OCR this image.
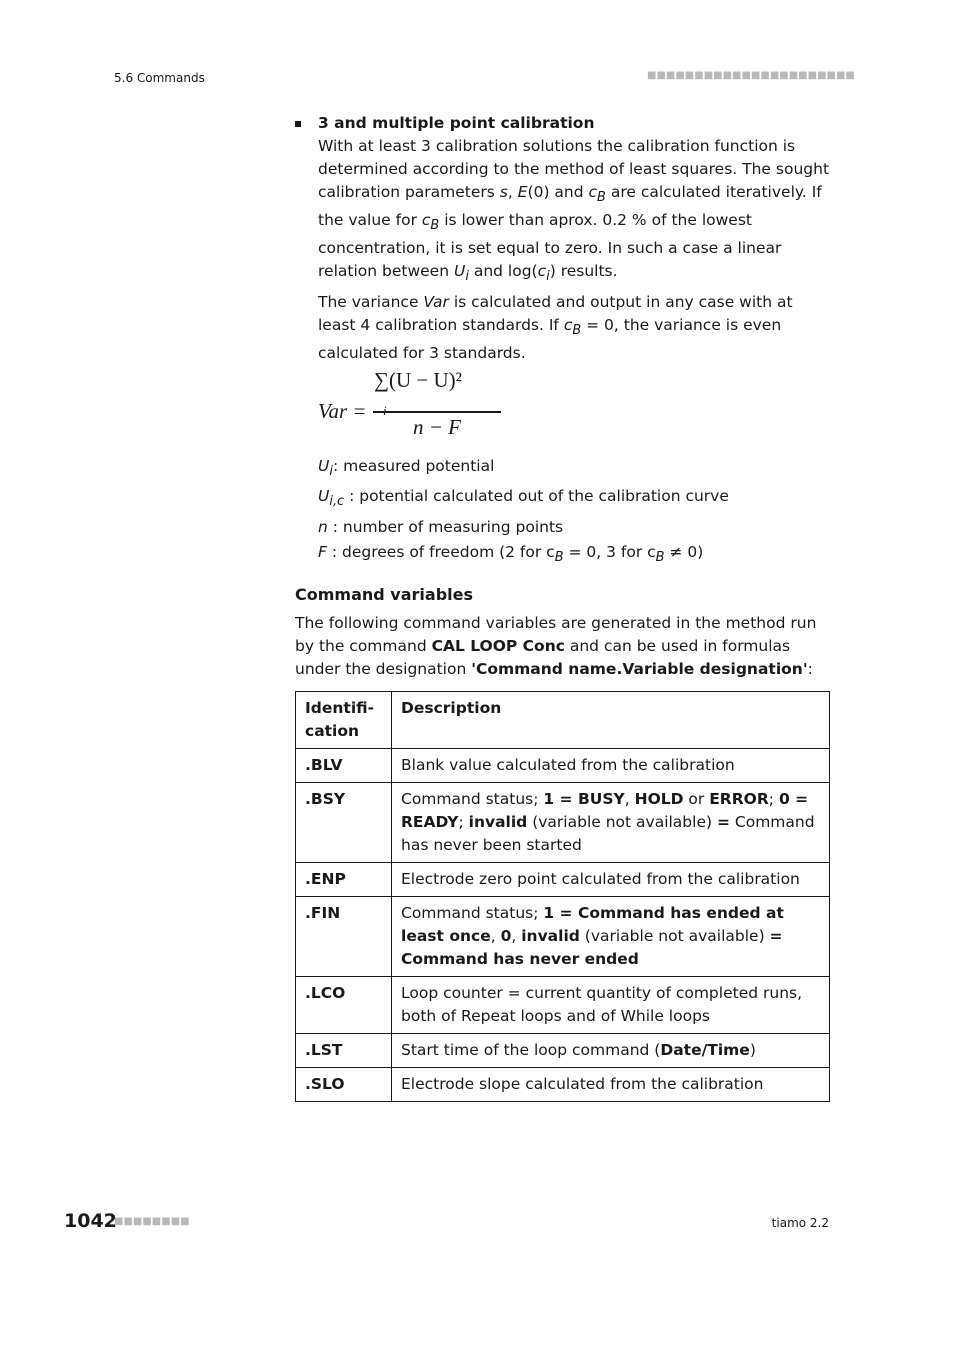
5.6 Commands	■■■■■■■■■■■■■■■■■■■■■■
3 and multiple point calibration

With at least 3 calibration solutions the calibration function is determined according to the method of least squares. The sought calibration parameters s, E(0) and $c_B$ are calculated iteratively. If the value for $c_B$ is lower than aprox. 0.2 % of the lowest concentration, it is set equal to zero. In such a case a linear relation between $U_i$ and $\log(c_i)$ results.

The variance Var is calculated and output in any case with at least 4 calibration standards. If $c_B = 0$, the variance is even calculated for 3 standards.

Var =
∑(U − U)²
n − F

$U_i$: measured potential

$U_{i,c}$ : potential calculated out of the calibration curve

n : number of measuring points

F : degrees of freedom (2 for $c_B = 0$, 3 for $c_B \ne 0$)

Command variables

The following command variables are generated in the method run by the command CAL LOOP Conc and can be used in formulas under the designation 'Command name.Variable designation':

Identification	Description
.BLV	Blank value calculated from the calibration
.BSY	Command status; 1 = BUSY, HOLD or ERROR; 0 = READY; invalid (variable not available) = Command has never been started
.ENP	Electrode zero point calculated from the calibration
.FIN	Command status; 1 = Command has ended at least once, 0, invalid (variable not available) = Command has never ended
.LCO	Loop counter = current quantity of completed runs, both of Repeat loops and of While loops
.LST	Start time of the loop command (Date/Time)
.SLO	Electrode slope calculated from the calibration
1042
■■■■■■■■	tiamo 2.2
